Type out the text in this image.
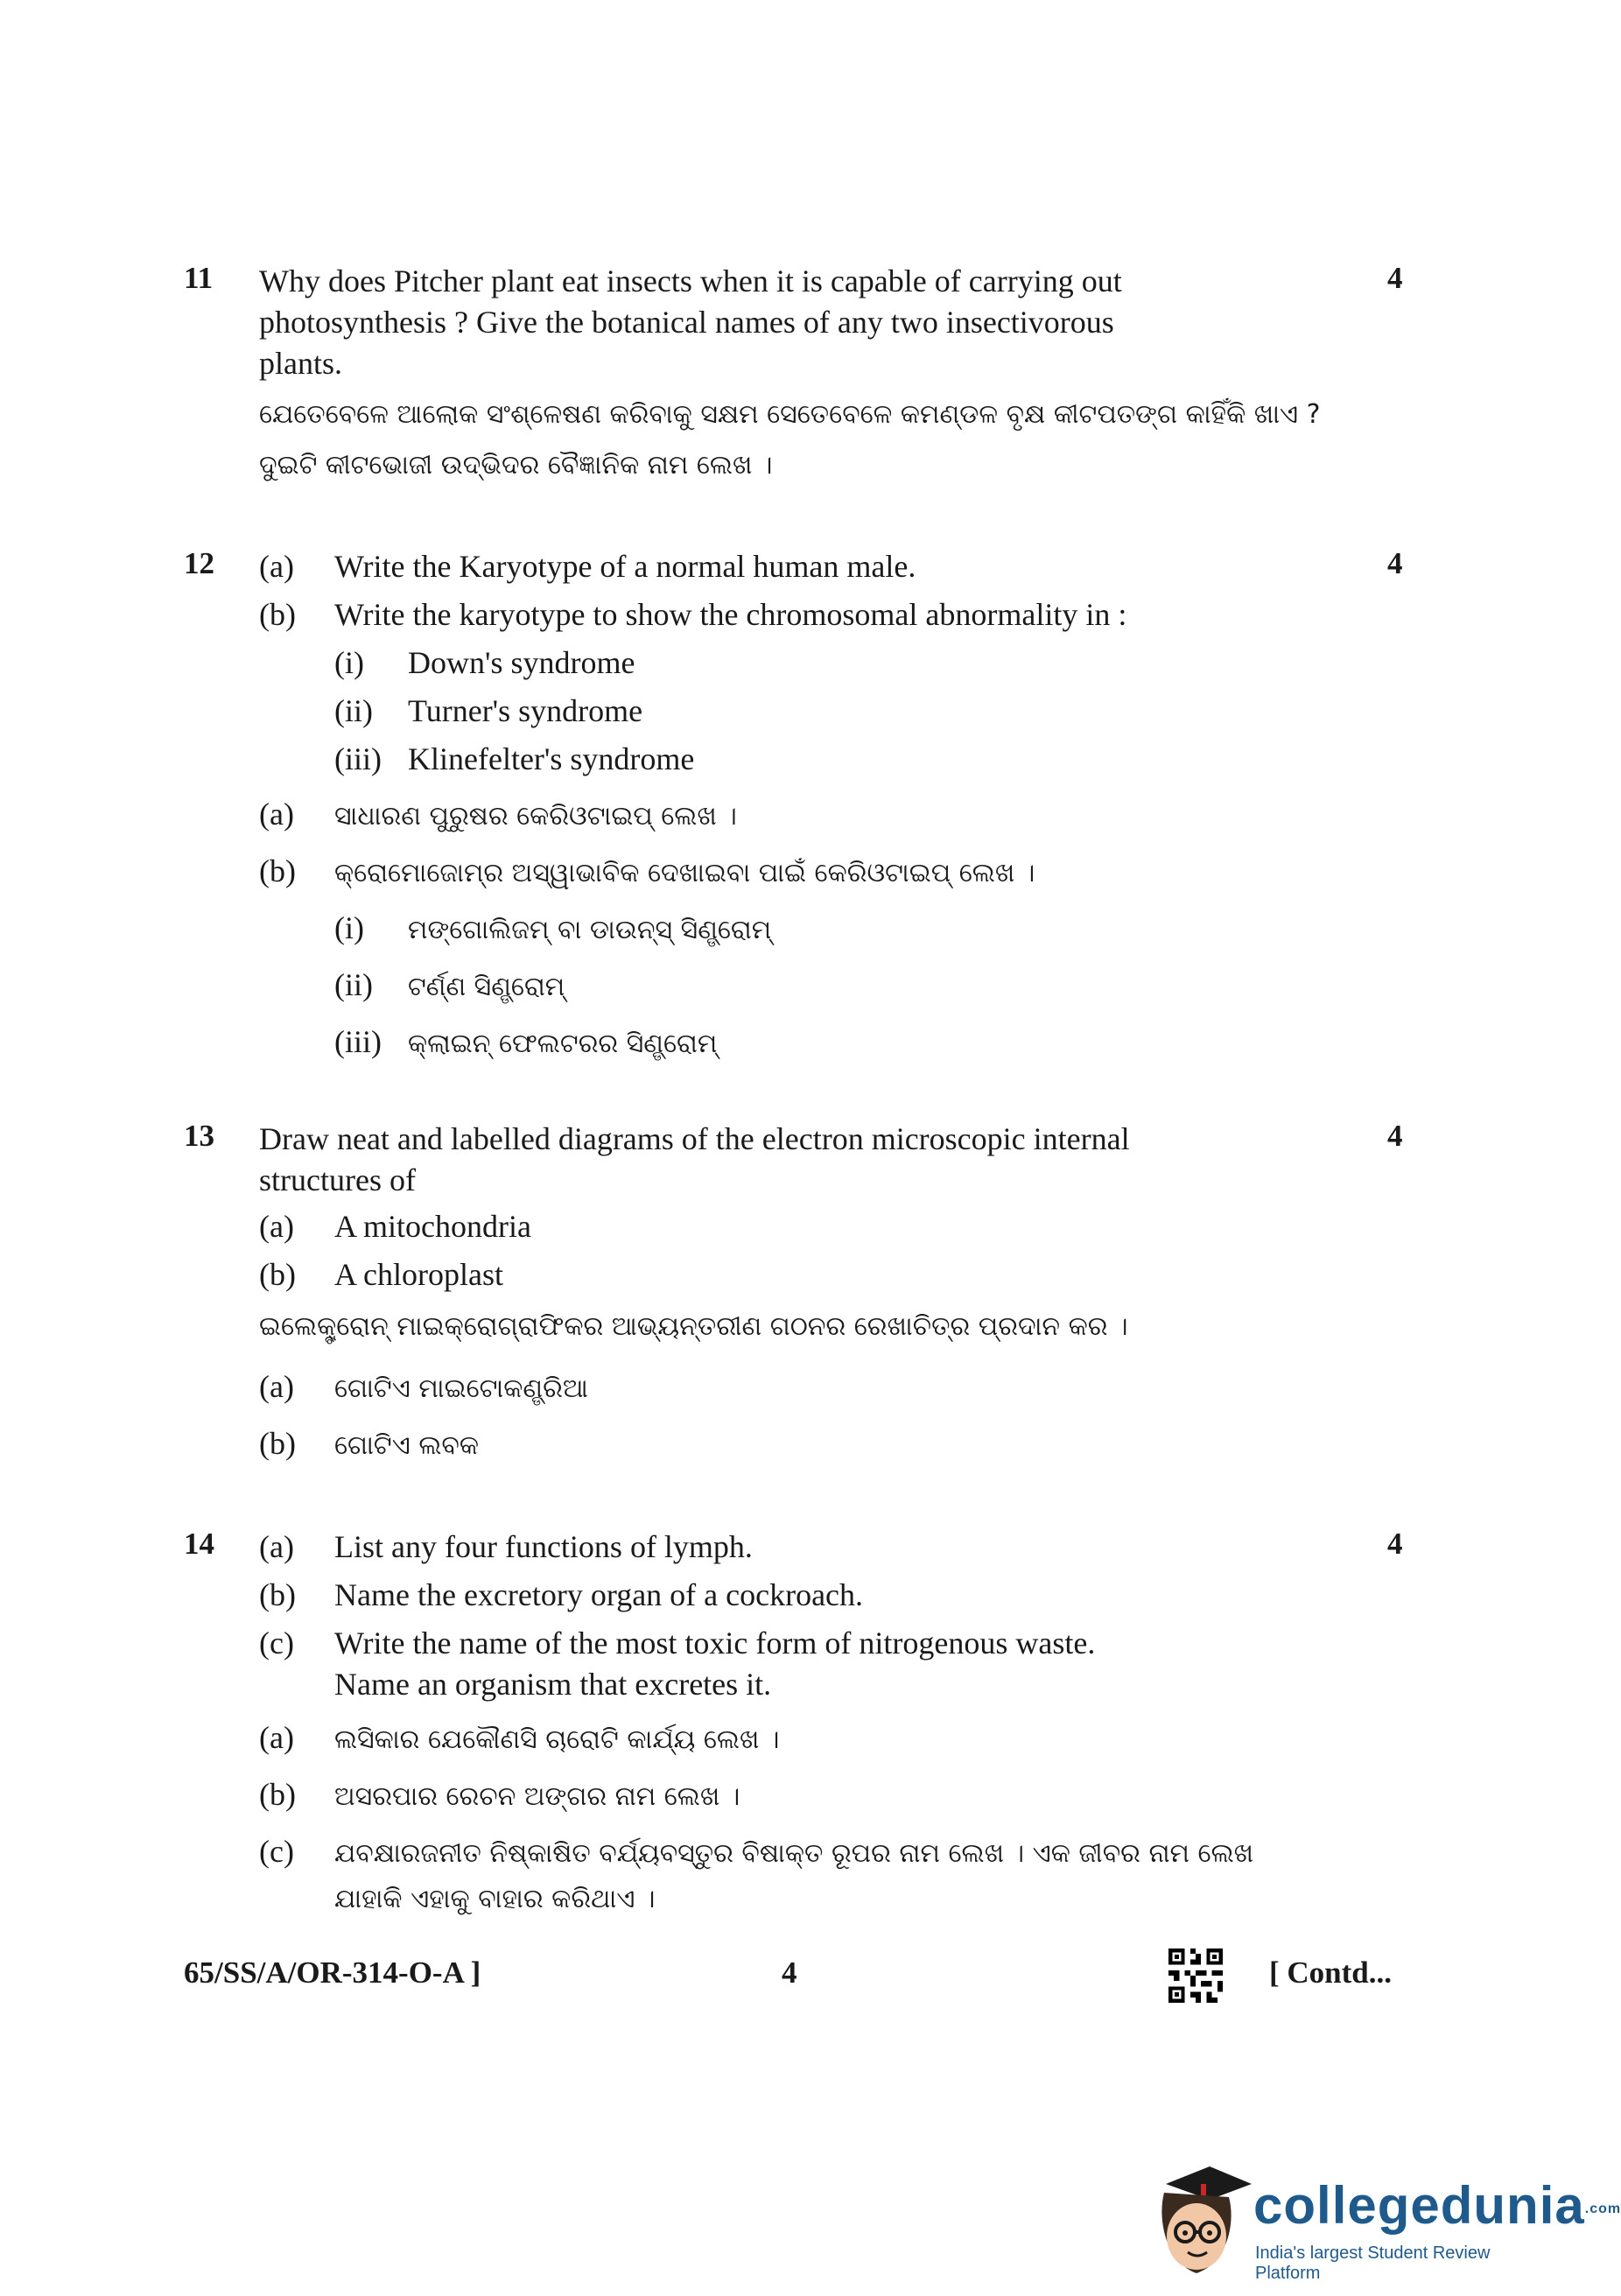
11	4
Why does Pitcher plant eat insects when it is capable of carrying out
photosynthesis ? Give the botanical names of any two insectivorous
plants.
ଯେତେବେଳେ ଆଲୋକ ସଂଶ୍ଳେଷଣ କରିବାକୁ ସକ୍ଷମ ସେତେବେଳେ କମଣ୍ଡଳ ବୃକ୍ଷ କୀଟପତଙ୍ଗ କାହିଁକି ଖାଏ ?
ଦୁଇଟି କୀଟଭୋଜୀ ଉଦ୍ଭିଦର ବୈଜ୍ଞାନିକ ନାମ ଲେଖ ।
12	4
(a) Write the Karyotype of a normal human male.
(b) Write the karyotype to show the chromosomal abnormality in :
(i) Down's syndrome
(ii) Turner's syndrome
(iii) Klinefelter's syndrome
(a) ସାଧାରଣ ପୁରୁଷର କେରିଓଟାଇପ୍ ଲେଖ ।
(b) କ୍ରୋମୋଜୋମ୍‌ର ଅସ୍ୱାଭାବିକ ଦେଖାଇବା ପାଇଁ କେରିଓଟାଇପ୍ ଲେଖ ।
(i) ମଙ୍ଗୋଲିଜମ୍ ବା ଡାଉନ୍‌ସ୍ ସିଣ୍ଡ୍ରୋମ୍
(ii) ଟର୍ଣ୍ଣ ସିଣ୍ଡ୍ରୋମ୍
(iii) କ୍ଲାଇନ୍ ଫେଲଟରର ସିଣ୍ଡ୍ରୋମ୍
13	4
Draw neat and labelled diagrams of the electron microscopic internal
structures of
(a) A mitochondria
(b) A chloroplast
ଇଲେକ୍ଟ୍ରୋନ୍ ମାଇକ୍ରୋଗ୍ରାଫିକର ଆଭ୍ୟନ୍ତରୀଣ ଗଠନର ରେଖାଚିତ୍ର ପ୍ରଦାନ କର ।
(a) ଗୋଟିଏ ମାଇଟୋକଣ୍ଡ୍ରିଆ
(b) ଗୋଟିଏ ଲବକ
14	4
(a) List any four functions of lymph.
(b) Name the excretory organ of a cockroach.
(c) Write the name of the most toxic form of nitrogenous waste.
Name an organism that excretes it.
(a) ଲସିକାର ଯେକୌଣସି ଚାରୋଟି କାର୍ଯ୍ୟ ଲେଖ ।
(b) ଅସରପାର ରେଚନ ଅଙ୍ଗର ନାମ ଲେଖ ।
(c) ଯବକ୍ଷାରଜନୀତ ନିଷ୍କାଷିତ ବର୍ଯ୍ୟବସ୍ତୁର ବିଷାକ୍ତ ରୂପର ନାମ ଲେଖ । ଏକ ଜୀବର ନାମ ଲେଖ
ଯାହାକି ଏହାକୁ ବାହାର କରିଥାଏ ।
65/SS/A/OR-314-O-A ]	4	[ Contd...
collegedunia.com
India's largest Student Review Platform
